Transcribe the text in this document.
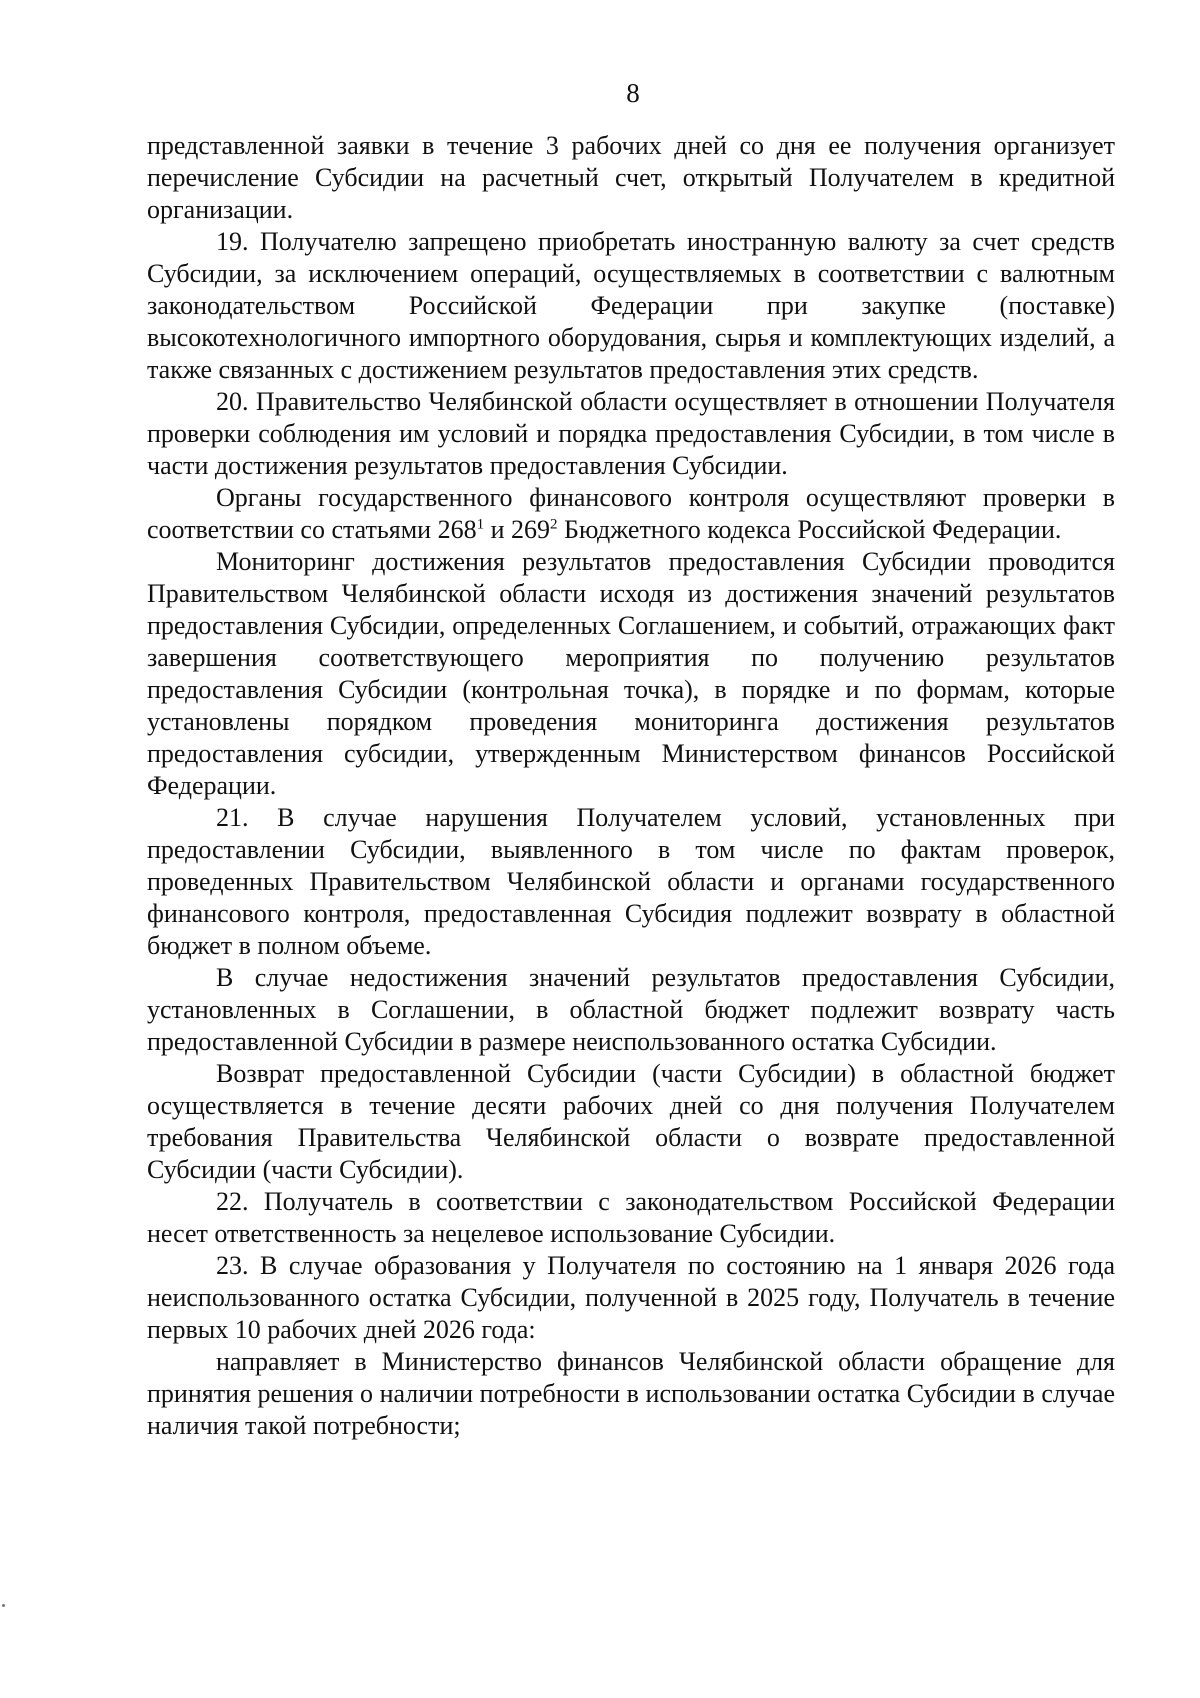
8

представленной заявки в течение 3 рабочих дней со дня ее получения организует перечисление Субсидии на расчетный счет, открытый Получателем в кредитной организации.

19. Получателю запрещено приобретать иностранную валюту за счет средств Субсидии, за исключением операций, осуществляемых в соответствии с валютным законодательством Российской Федерации при закупке (поставке) высокотехнологичного импортного оборудования, сырья и комплектующих изделий, а также связанных с достижением результатов предоставления этих средств.

20. Правительство Челябинской области осуществляет в отношении Получателя проверки соблюдения им условий и порядка предоставления Субсидии, в том числе в части достижения результатов предоставления Субсидии.

Органы государственного финансового контроля осуществляют проверки в соответствии со статьями $268^1$ и $269^2$ Бюджетного кодекса Российской Федерации.

Мониторинг достижения результатов предоставления Субсидии проводится Правительством Челябинской области исходя из достижения значений результатов предоставления Субсидии, определенных Соглашением, и событий, отражающих факт завершения соответствующего мероприятия по получению результатов предоставления Субсидии (контрольная точка), в порядке и по формам, которые установлены порядком проведения мониторинга достижения результатов предоставления субсидии, утвержденным Министерством финансов Российской Федерации.

21. В случае нарушения Получателем условий, установленных при предоставлении Субсидии, выявленного в том числе по фактам проверок, проведенных Правительством Челябинской области и органами государственного финансового контроля, предоставленная Субсидия подлежит возврату в областной бюджет в полном объеме.

В случае недостижения значений результатов предоставления Субсидии, установленных в Соглашении, в областной бюджет подлежит возврату часть предоставленной Субсидии в размере неиспользованного остатка Субсидии.

Возврат предоставленной Субсидии (части Субсидии) в областной бюджет осуществляется в течение десяти рабочих дней со дня получения Получателем требования Правительства Челябинской области о возврате предоставленной Субсидии (части Субсидии).

22. Получатель в соответствии с законодательством Российской Федерации несет ответственность за нецелевое использование Субсидии.

23. В случае образования у Получателя по состоянию на 1 января 2026 года неиспользованного остатка Субсидии, полученной в 2025 году, Получатель в течение первых 10 рабочих дней 2026 года:

направляет в Министерство финансов Челябинской области обращение для принятия решения о наличии потребности в использовании остатка Субсидии в случае наличия такой потребности;
